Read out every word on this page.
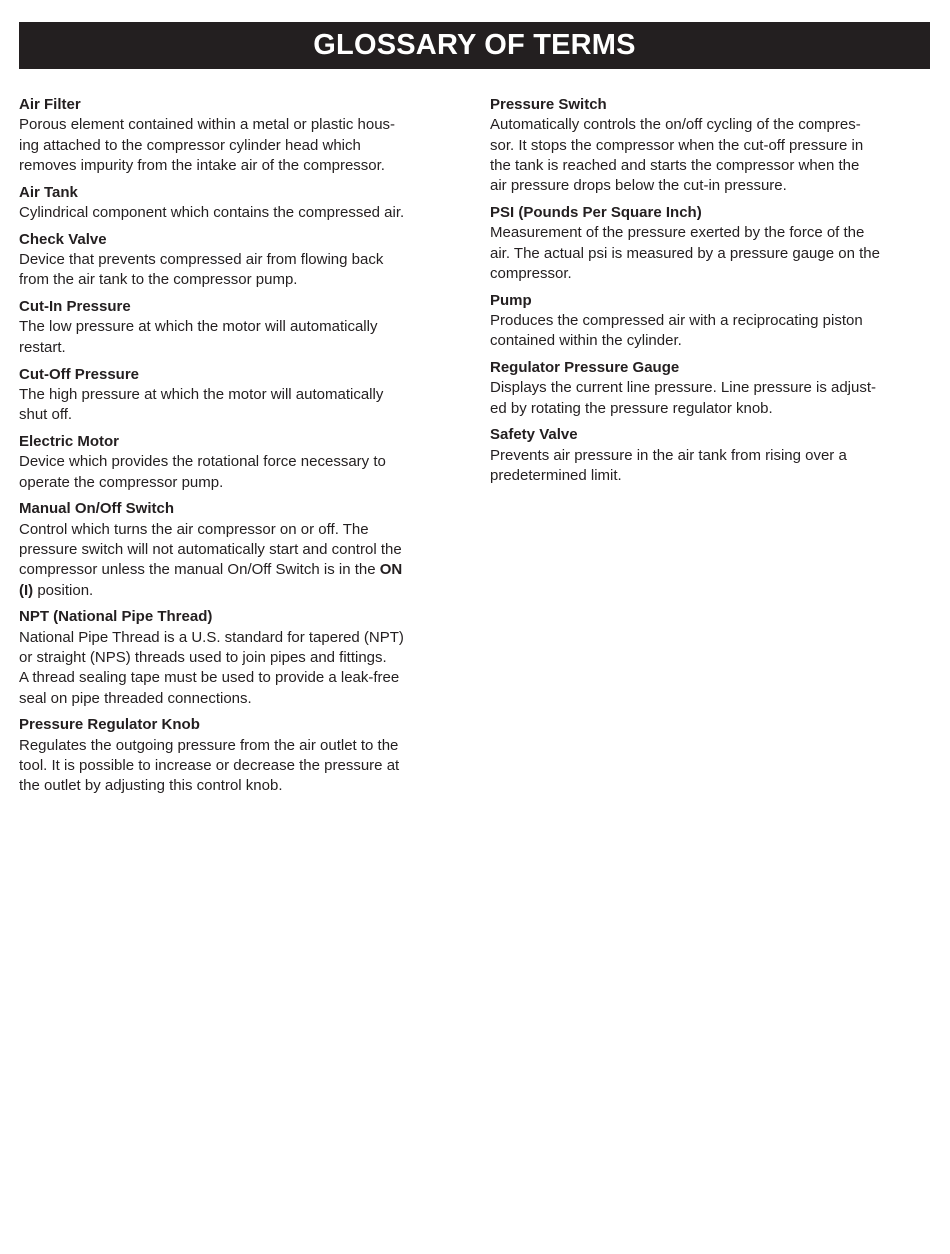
GLOSSARY OF TERMS

Air Filter

Porous element contained within a metal or plastic hous-
ing attached to the compressor cylinder head which
removes impurity from the intake air of the compressor.

Air Tank

Cylindrical component which contains the compressed air.

Check Valve

Device that prevents compressed air from flowing back
from the air tank to the compressor pump.

Cut-In Pressure

The low pressure at which the motor will automatically
restart.

Cut-Off Pressure

The high pressure at which the motor will automatically
shut off.

Electric Motor

Device which provides the rotational force necessary to
operate the compressor pump.

Manual On/Off Switch

Control which turns the air compressor on or off. The
pressure switch will not automatically start and control the
compressor unless the manual On/Off Switch is in the ON
(I) position.

NPT (National Pipe Thread)

National Pipe Thread is a U.S. standard for tapered (NPT)
or straight (NPS) threads used to join pipes and fittings.
A thread sealing tape must be used to provide a leak-free
seal on pipe threaded connections.

Pressure Regulator Knob

Regulates the outgoing pressure from the air outlet to the
tool. It is possible to increase or decrease the pressure at
the outlet by adjusting this control knob.

Pressure Switch

Automatically controls the on/off cycling of the compres-
sor. It stops the compressor when the cut-off pressure in
the tank is reached and starts the compressor when the
air pressure drops below the cut-in pressure.

PSI (Pounds Per Square Inch)

Measurement of the pressure exerted by the force of the
air. The actual psi is measured by a pressure gauge on the
compressor.

Pump

Produces the compressed air with a reciprocating piston
contained within the cylinder.

Regulator Pressure Gauge

Displays the current line pressure. Line pressure is adjust-
ed by rotating the pressure regulator knob.

Safety Valve

Prevents air pressure in the air tank from rising over a
predetermined limit.
